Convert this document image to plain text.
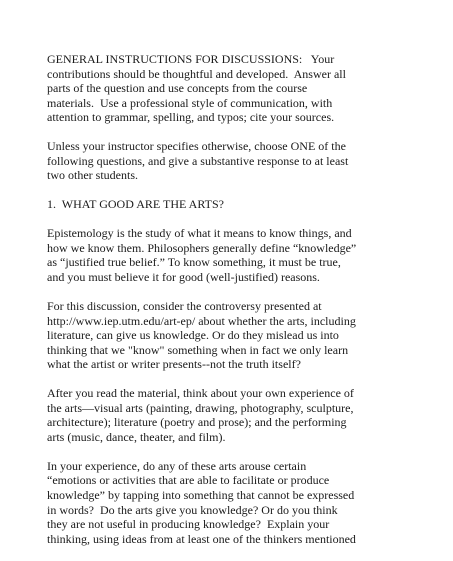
GENERAL INSTRUCTIONS FOR DISCUSSIONS:   Your
contributions should be thoughtful and developed.  Answer all
parts of the question and use concepts from the course
materials.  Use a professional style of communication, with
attention to grammar, spelling, and typos; cite your sources.

Unless your instructor specifies otherwise, choose ONE of the
following questions, and give a substantive response to at least
two other students.

1.  WHAT GOOD ARE THE ARTS?

Epistemology is the study of what it means to know things, and
how we know them. Philosophers generally define “knowledge”
as “justified true belief.” To know something, it must be true,
and you must believe it for good (well-justified) reasons.

For this discussion, consider the controversy presented at
http://www.iep.utm.edu/art-ep/ about whether the arts, including
literature, can give us knowledge. Or do they mislead us into
thinking that we "know" something when in fact we only learn
what the artist or writer presents--not the truth itself?

After you read the material, think about your own experience of
the arts—visual arts (painting, drawing, photography, sculpture,
architecture); literature (poetry and prose); and the performing
arts (music, dance, theater, and film).

In your experience, do any of these arts arouse certain
“emotions or activities that are able to facilitate or produce
knowledge” by tapping into something that cannot be expressed
in words?  Do the arts give you knowledge? Or do you think
they are not useful in producing knowledge?  Explain your
thinking, using ideas from at least one of the thinkers mentioned
